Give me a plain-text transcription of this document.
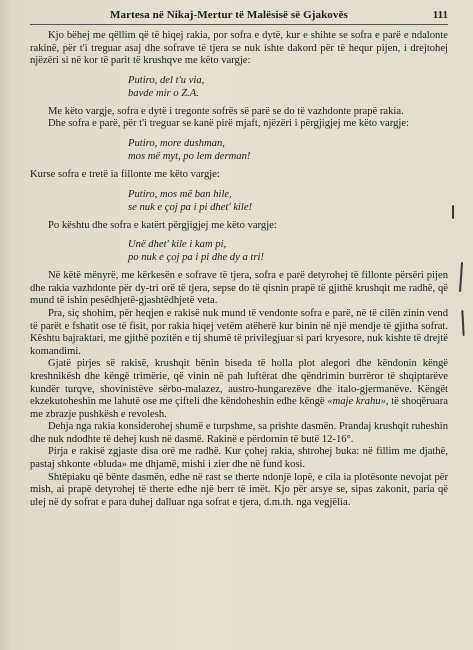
Martesa në Nikaj-Mertur të Malësisë së Gjakovës	111

Kjo bëhej me qëllim që të hiqej rakia, por sofra e dytë, kur e shihte se sofra e parë e ndalonte rakinë, për t'i treguar asaj dhe sofrave të tjera se nuk ishte dakord për të hequr pijen, i drejtohej njëzëri si në kor të parit të krushqve me këto vargje:

Putiro, del t'u via,
bavde mir o Z.A.

Me këto vargje, sofra e dytë i tregonte sofrës së parë se do të vazhdonte prapë rakia.

Dhe sofra e parë, për t'i treguar se kanë pirë mjaft, njëzëri i përgjigjej me këto vargje:

Putiro, more dushman,
mos më myt, po lem derman!

Kurse sofra e tretë ia fillonte me këto vargje:

Putiro, mos më ban hile,
se nuk e çoj pa i pi dhet' kile!

Po kështu dhe sofra e katërt përgjigjej me këto vargje:

Unë dhet' kile i kam pi,
po nuk e çoj pa i pi dhe dy a tri!

Në këtë mënyrë, me kërkesën e sofrave të tjera, sofra e parë detyrohej të fillonte përsëri pijen dhe rakia vazhdonte për dy-tri orë të tjera, sepse do të qisnin prapë të gjithë krushqit me radhë, që mund të ishin pesëdhjetë-gjashtëdhjetë veta.

Pra, siç shohim, për heqjen e rakisë nuk mund të vendonte sofra e parë, në të cilën zinin vend të parët e fshatit ose të fisit, por rakia hiqej vetëm atëherë kur binin në një mendje të gjitha sofrat. Kështu bajraktari, me gjithë pozitën e tij shumë të privilegjuar si pari kryesore, nuk kishte të drejtë komandimi.

Gjatë pirjes së rakisë, krushqit bënin biseda të holla plot alegori dhe këndonin këngë kreshnikësh dhe këngë trimërie, që vinin në pah luftërat dhe qëndrimin burrëror të shqiptarëve kundër turqve, shovinistëve sërbo-malazez, austro-hungarezëve dhe italo-gjermanëve. Këngët ekzekutoheshin me lahutë ose me çifteli dhe këndoheshin edhe këngë «maje krahu», të shoqëruara me zbrazje pushkësh e revolesh.

Dehja nga rakia konsiderohej shumë e turpshme, sa prishte dasmën. Prandaj krushqit ruheshin dhe nuk ndodhte të dehej kush në dasmë. Rakinë e përdornin të butë 12-16°.

Pirja e rakisë zgjaste disa orë me radhë. Kur çohej rakia, shtrohej buka: në fillim me djathë, pastaj shkonte «bluda» me dhjamë, mishi i zier dhe në fund kosi.

Shtëpiaku që bënte dasmën, edhe në rast se therte ndonjë lopë, e cila ia plotësonte nevojat për mish, ai prapë detyrohej të therte edhe një berr të imët. Kjo për arsye se, sipas zakonit, paria që ulej në dy sofrat e para duhej dalluar nga sofrat e tjera, d.m.th. nga vegjëlia.
